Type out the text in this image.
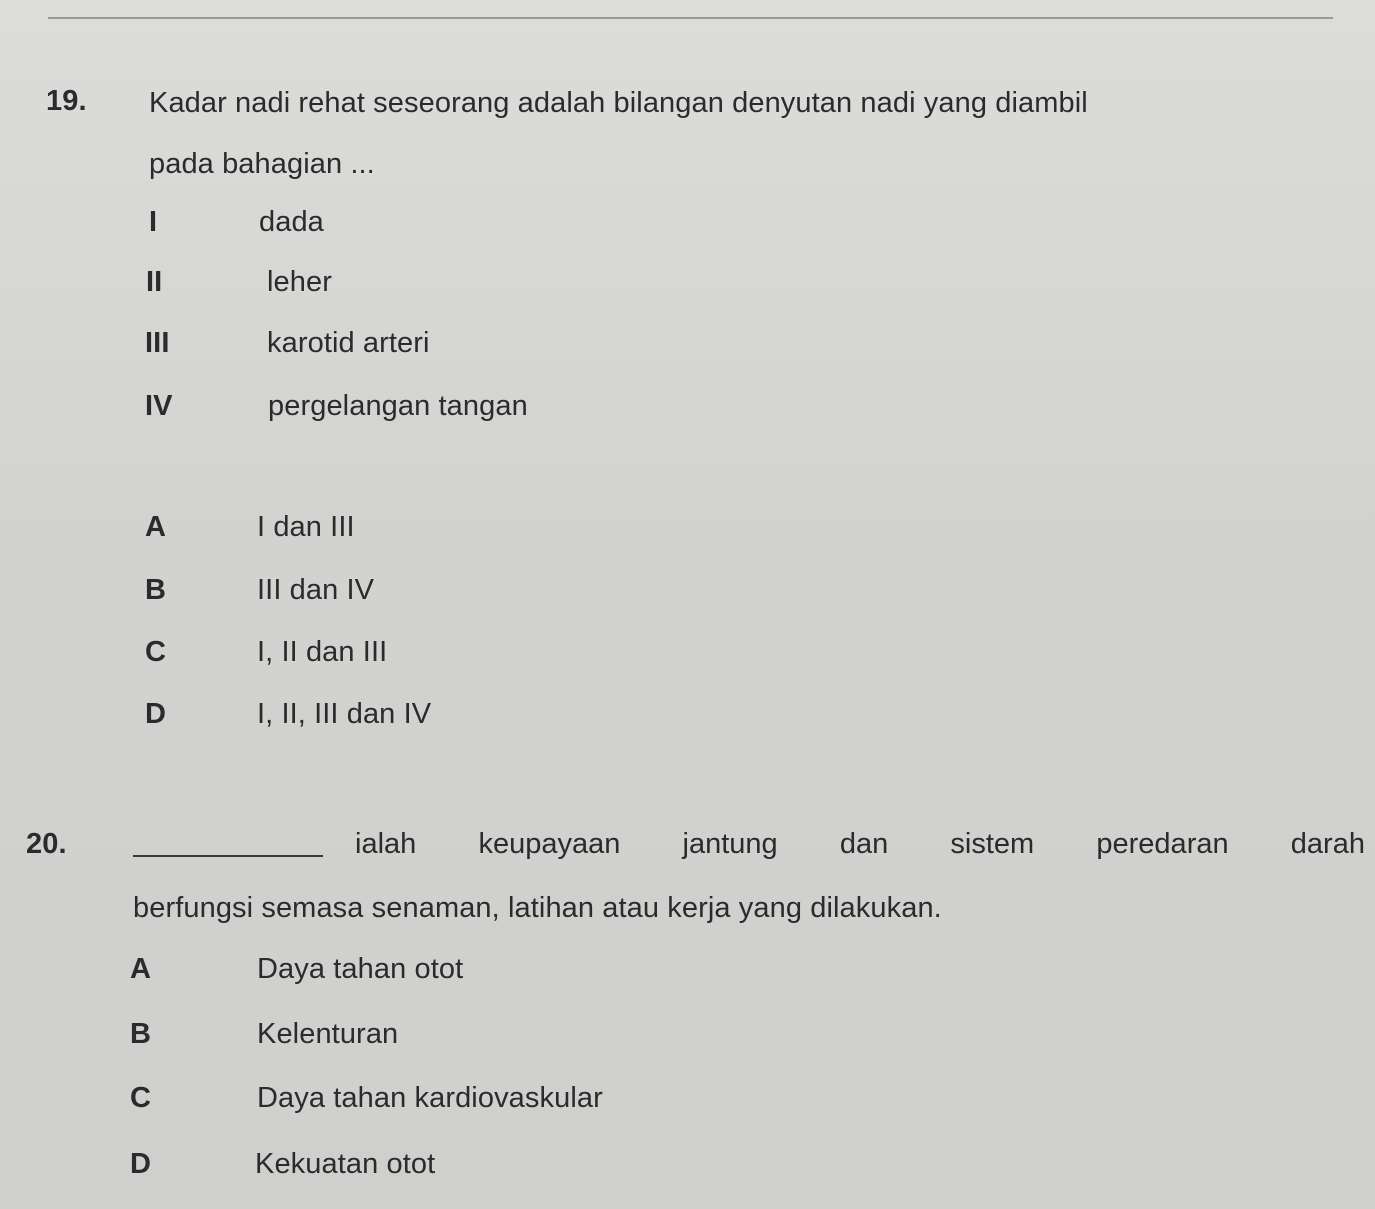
19. Kadar nadi rehat seseorang adalah bilangan denyutan nadi yang diambil
pada bahagian ...
I	dada
II	leher
III	karotid arteri
IV	pergelangan tangan
A	I dan III
B	III dan IV
C	I, II dan III
D	I, II, III dan IV
20.	ialah keupayaan jantung dan sistem peredaran darah
berfungsi semasa senaman, latihan atau kerja yang dilakukan.
A	Daya tahan otot
B	Kelenturan
C	Daya tahan kardiovaskular
D	Kekuatan otot
